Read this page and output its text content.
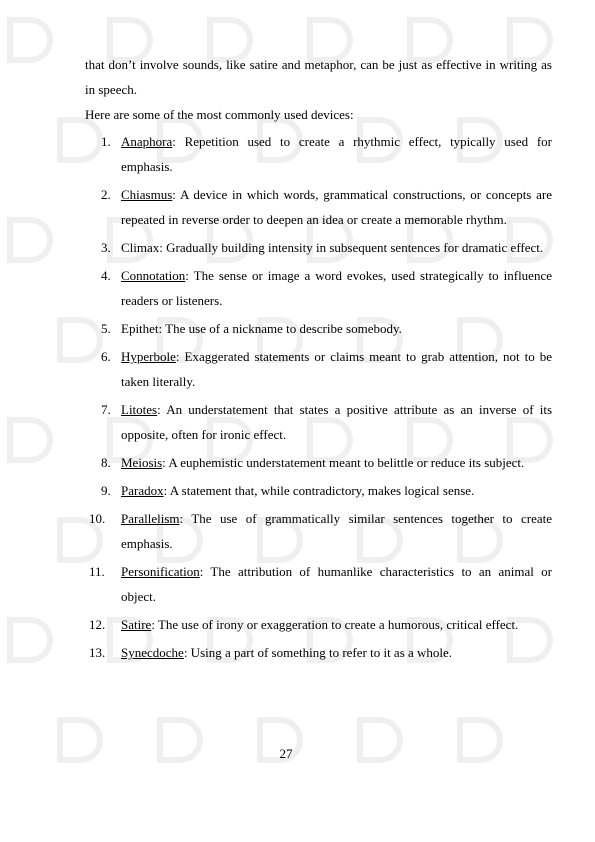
that don’t involve sounds, like satire and metaphor, can be just as effective in writing as in speech.

Here are some of the most commonly used devices:

1. Anaphora: Repetition used to create a rhythmic effect, typically used for emphasis.
2. Chiasmus: A device in which words, grammatical constructions, or concepts are repeated in reverse order to deepen an idea or create a memorable rhythm.
3. Climax: Gradually building intensity in subsequent sentences for dramatic effect.
4. Connotation: The sense or image a word evokes, used strategically to influence readers or listeners.
5. Epithet: The use of a nickname to describe somebody.
6. Hyperbole: Exaggerated statements or claims meant to grab attention, not to be taken literally.
7. Litotes: An understatement that states a positive attribute as an inverse of its opposite, often for ironic effect.
8. Meiosis: A euphemistic understatement meant to belittle or reduce its subject.
9. Paradox: A statement that, while contradictory, makes logical sense.
10. Parallelism: The use of grammatically similar sentences together to create emphasis.
11. Personification: The attribution of humanlike characteristics to an animal or object.
12. Satire: The use of irony or exaggeration to create a humorous, critical effect.
13. Synecdoche: Using a part of something to refer to it as a whole.
27
